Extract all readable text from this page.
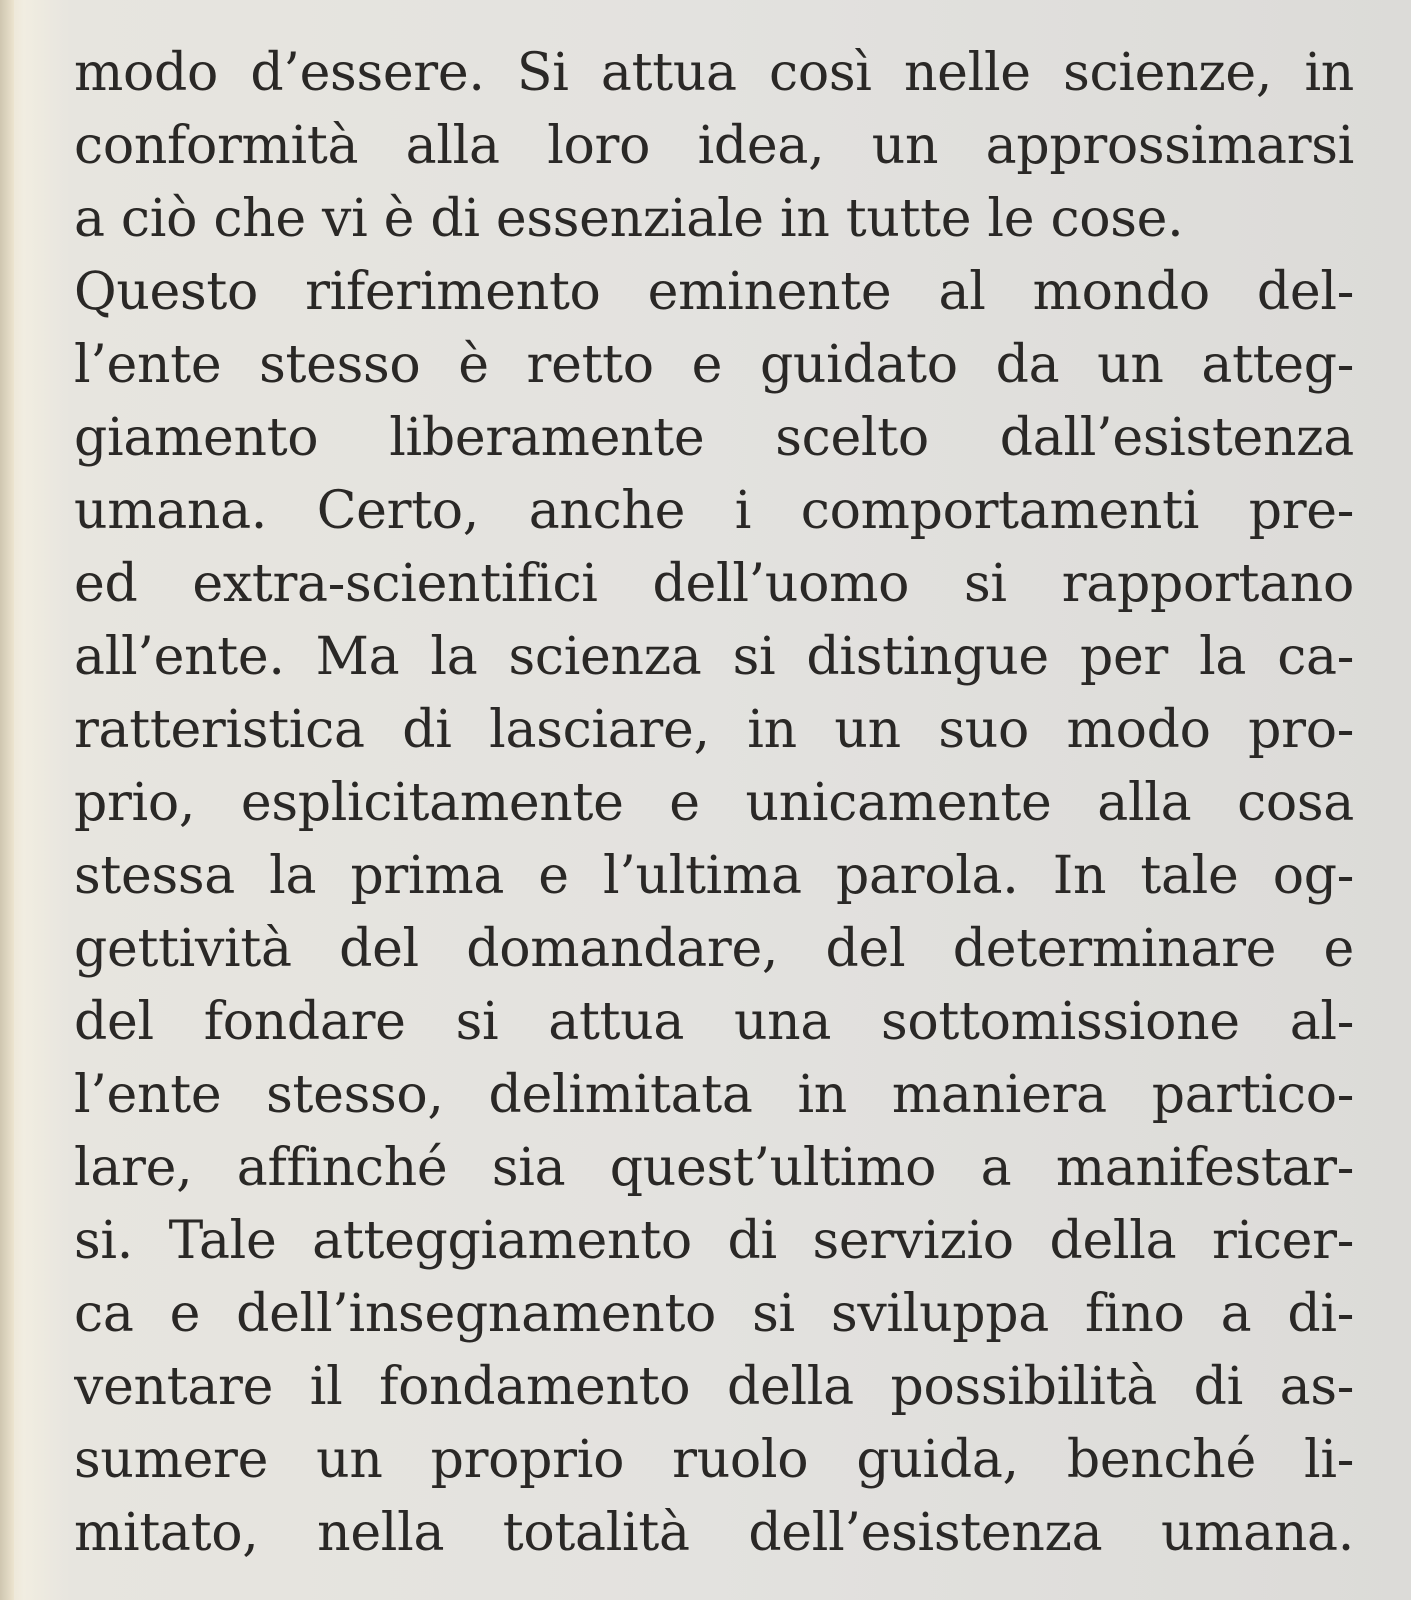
modo d’essere. Si attua così nelle scienze, in
conformità alla loro idea, un approssimarsi
a ciò che vi è di essenziale in tutte le cose.
Questo riferimento eminente al mondo del-
l’ente stesso è retto e guidato da un atteg-
giamento liberamente scelto dall’esistenza
umana. Certo, anche i comportamenti pre-
ed extra-scientifici dell’uomo si rapportano
all’ente. Ma la scienza si distingue per la ca-
ratteristica di lasciare, in un suo modo pro-
prio, esplicitamente e unicamente alla cosa
stessa la prima e l’ultima parola. In tale og-
gettività del domandare, del determinare e
del fondare si attua una sottomissione al-
l’ente stesso, delimitata in maniera partico-
lare, affinché sia quest’ultimo a manifestar-
si. Tale atteggiamento di servizio della ricer-
ca e dell’insegnamento si sviluppa fino a di-
ventare il fondamento della possibilità di as-
sumere un proprio ruolo guida, benché li-
mitato, nella totalità dell’esistenza umana.
